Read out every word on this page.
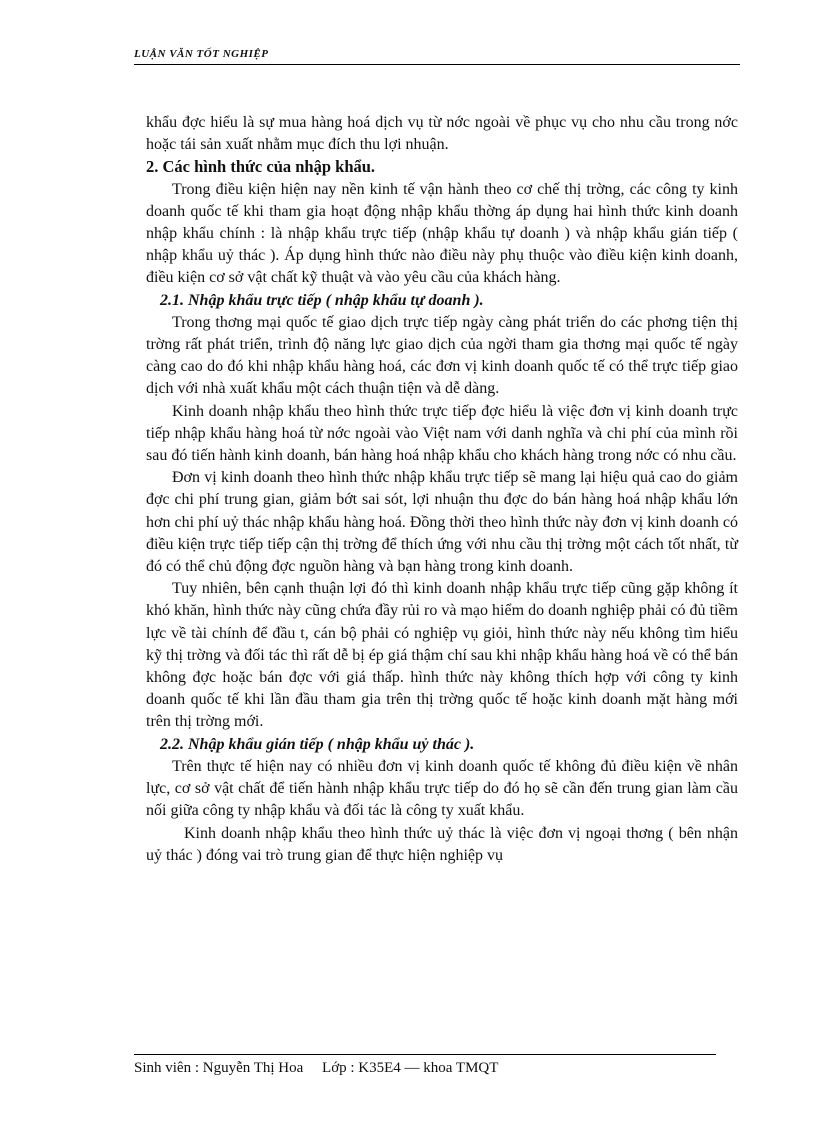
LUẬN VĂN TỐT NGHIỆP

khẩu đợc hiểu là sự mua hàng hoá dịch vụ từ nớc ngoài về phục vụ cho nhu cầu trong nớc hoặc tái sản xuất nhằm mục đích thu lợi nhuận.

2. Các hình thức của nhập khẩu.

Trong điều kiện hiện nay nền kinh tế vận hành theo cơ chế thị trờng, các công ty kinh doanh quốc tế khi tham gia hoạt động nhập khẩu thờng áp dụng hai hình thức kinh doanh nhập khẩu chính : là nhập khẩu trực tiếp (nhập khẩu tự doanh ) và nhập khẩu gián tiếp ( nhập khẩu uỷ thác ). Áp dụng hình thức nào điều này phụ thuộc vào điều kiện kinh doanh, điều kiện cơ sở vật chất kỹ thuật và vào yêu cầu của khách hàng.

2.1. Nhập khẩu trực tiếp ( nhập khẩu tự doanh ).

Trong thơng mại quốc tế giao dịch trực tiếp ngày càng phát triển do các phơng tiện thị trờng rất phát triển, trình độ năng lực giao dịch của ngời tham gia thơng mại quốc tế ngày càng cao do đó khi nhập khẩu hàng hoá, các đơn vị kinh doanh quốc tế có thể trực tiếp giao dịch với nhà xuất khẩu một cách thuận tiện và dễ dàng.

Kinh doanh nhập khẩu theo hình thức trực tiếp đợc hiểu là việc đơn vị kinh doanh trực tiếp nhập khẩu hàng hoá từ nớc ngoài vào Việt nam với danh nghĩa và chi phí của mình rồi sau đó tiến hành kinh doanh, bán hàng hoá nhập khẩu cho khách hàng trong nớc có nhu cầu.

Đơn vị kinh doanh theo hình thức nhập khẩu trực tiếp sẽ mang lại hiệu quả cao do giảm đợc chi phí trung gian, giảm bớt sai sót, lợi nhuận thu đợc do bán hàng hoá nhập khẩu lớn hơn chi phí uỷ thác nhập khẩu hàng hoá. Đồng thời theo hình thức này đơn vị kinh doanh có điều kiện trực tiếp tiếp cận thị trờng để thích ứng với nhu cầu thị trờng một cách tốt nhất, từ đó có thể chủ động đợc nguồn hàng và bạn hàng trong kinh doanh.

Tuy nhiên, bên cạnh thuận lợi đó thì kinh doanh nhập khẩu trực tiếp cũng gặp không ít khó khăn, hình thức này cũng chứa đầy rủi ro và mạo hiểm do doanh nghiệp phải có đủ tiềm lực về tài chính để đầu t, cán bộ phải có nghiệp vụ giỏi, hình thức này nếu không tìm hiểu kỹ thị trờng và đối tác thì rất dễ bị ép giá thậm chí sau khi nhập khẩu hàng hoá về có thể bán không đợc hoặc bán đợc với giá thấp. hình thức này không thích hợp với công ty kinh doanh quốc tế khi lần đầu tham gia trên thị trờng quốc tế hoặc kinh doanh mặt hàng mới trên thị trờng mới.

2.2. Nhập khẩu gián tiếp ( nhập khẩu uỷ thác ).

Trên thực tế hiện nay có nhiều đơn vị kinh doanh quốc tế không đủ điều kiện về nhân lực, cơ sở vật chất để tiến hành nhập khẩu trực tiếp do đó họ sẽ cần đến trung gian làm cầu nối giữa công ty nhập khẩu và đối tác là công ty xuất khẩu.

Kinh doanh nhập khẩu theo hình thức uỷ thác là việc đơn vị ngoại thơng ( bên nhận uỷ thác ) đóng vai trò trung gian để thực hiện nghiệp vụ

Sinh viên : Nguyễn Thị Hoa     Lớp : K35E4 — khoa TMQT
